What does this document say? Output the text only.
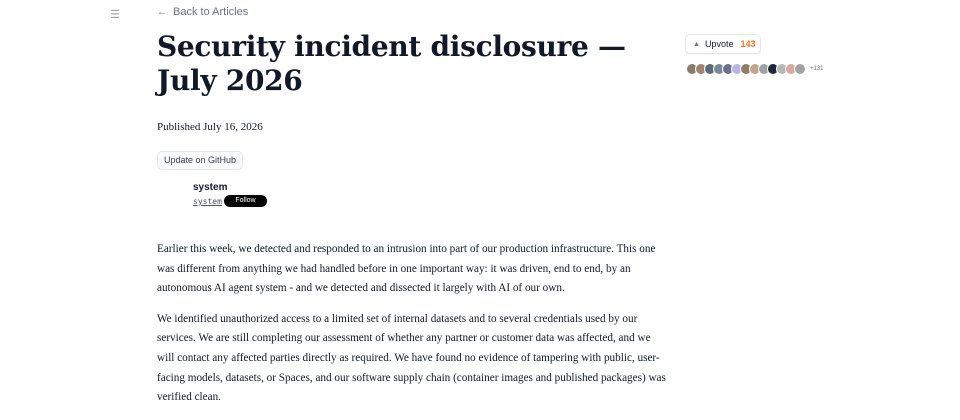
☰	← Back to Articles
Security incident disclosure — July 2026
Published July 16, 2026
Update on GitHub
system
system	Follow

Earlier this week, we detected and responded to an intrusion into part of our production infrastructure. This one was different from anything we had handled before in one important way: it was driven, end to end, by an autonomous AI agent system - and we detected and dissected it largely with AI of our own.

We identified unauthorized access to a limited set of internal datasets and to several credentials used by our services. We are still completing our assessment of whether any partner or customer data was affected, and we will contact any affected parties directly as required. We have found no evidence of tampering with public, user-facing models, datasets, or Spaces, and our software supply chain (container images and published packages) was verified clean.

▲ Upvote 143
+131
